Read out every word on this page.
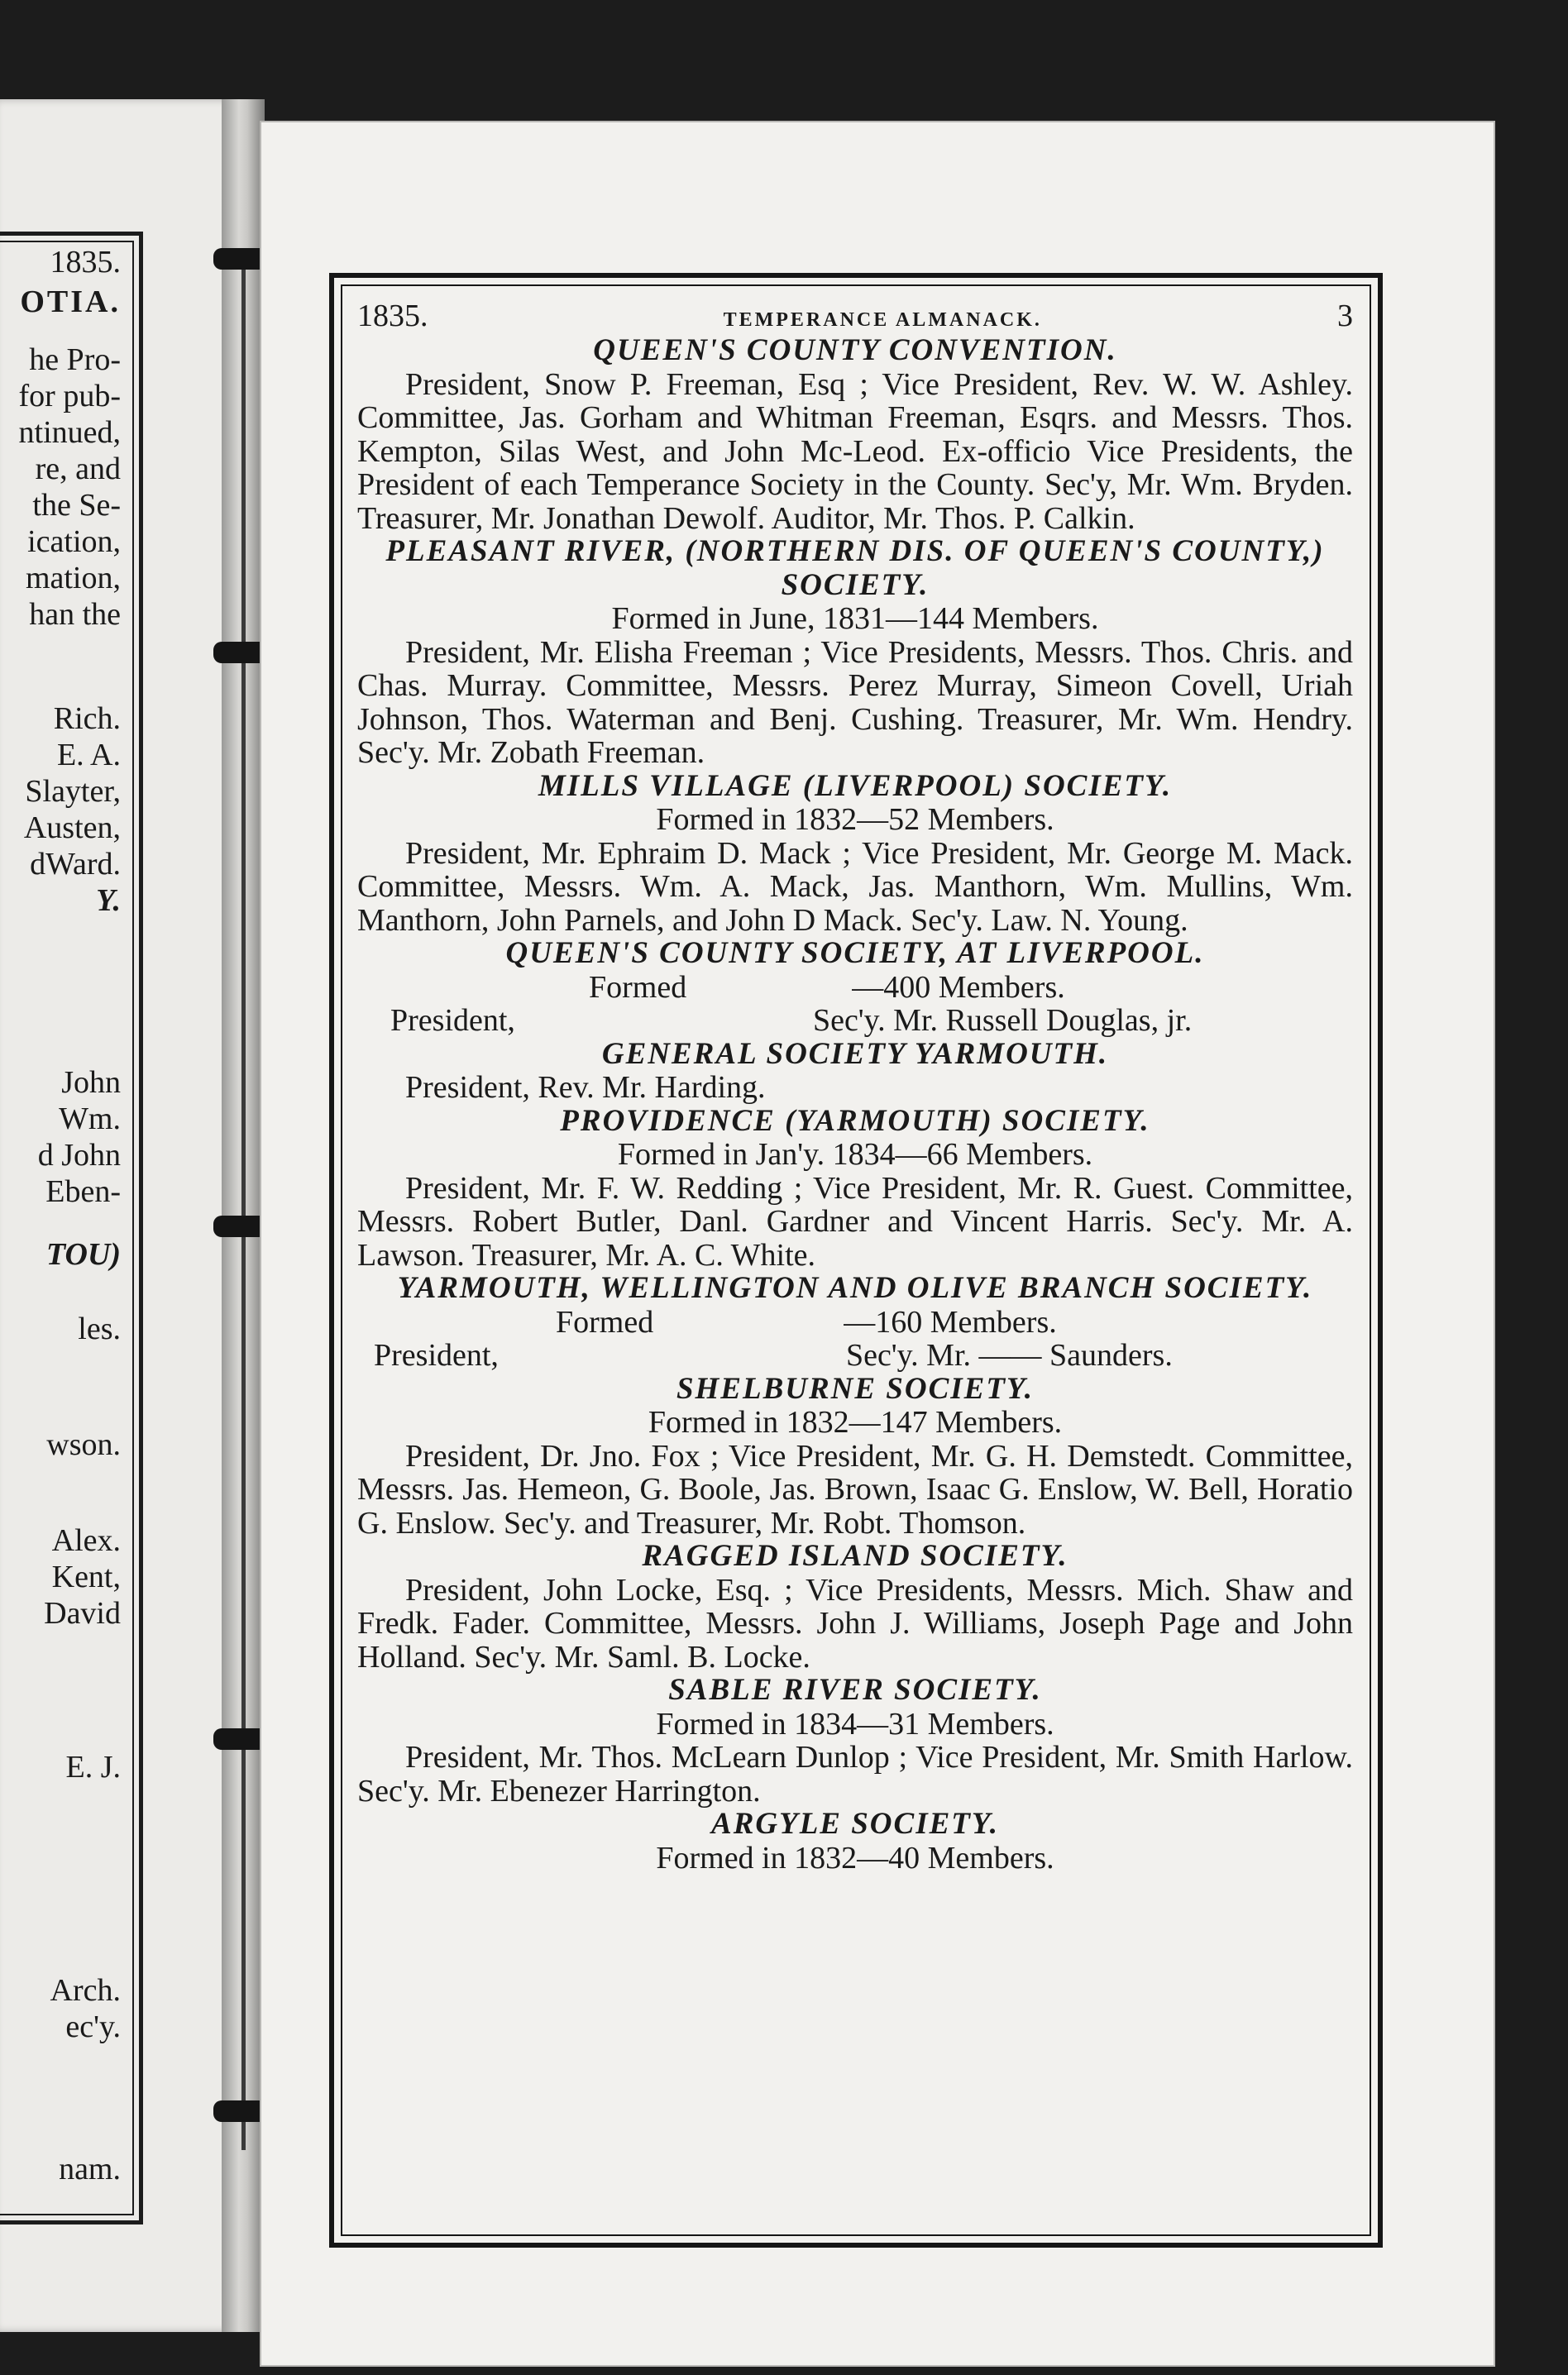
1835.
OTIA.
he Pro-
for pub-
ntinued,
re, and
the Se-
ication,
mation,
han the
Rich.
E. A.
Slayter,
Austen,
dWard.
Y.
John
Wm.
d John
Eben-
TOU)
les.
wson.
Alex.
Kent,
David
E. J.
Arch.
ec'y.
nam.
1835.	TEMPERANCE ALMANACK.	3
QUEEN'S COUNTY CONVENTION.
President, Snow P. Freeman, Esq ; Vice President, Rev. W. W. Ashley. Committee, Jas. Gorham and Whitman Freeman, Esqrs. and Messrs. Thos. Kempton, Silas West, and John Mc-Leod. Ex-officio Vice Presidents, the President of each Temperance Society in the County. Sec'y, Mr. Wm. Bryden. Treasurer, Mr. Jonathan Dewolf. Auditor, Mr. Thos. P. Calkin.
PLEASANT RIVER, (NORTHERN DIS. OF QUEEN'S COUNTY,) SOCIETY.
Formed in June, 1831—144 Members.
President, Mr. Elisha Freeman ; Vice Presidents, Messrs. Thos. Chris. and Chas. Murray. Committee, Messrs. Perez Murray, Simeon Covell, Uriah Johnson, Thos. Waterman and Benj. Cushing. Treasurer, Mr. Wm. Hendry. Sec'y. Mr. Zobath Freeman.
MILLS VILLAGE (LIVERPOOL) SOCIETY.
Formed in 1832—52 Members.
President, Mr. Ephraim D. Mack ; Vice President, Mr. George M. Mack. Committee, Messrs. Wm. A. Mack, Jas. Manthorn, Wm. Mullins, Wm. Manthorn, John Parnels, and John D Mack. Sec'y. Law. N. Young.
QUEEN'S COUNTY SOCIETY, AT LIVERPOOL.
Formed	—400 Members.
President,	Sec'y. Mr. Russell Douglas, jr.
GENERAL SOCIETY YARMOUTH.
President, Rev. Mr. Harding.
PROVIDENCE (YARMOUTH) SOCIETY.
Formed in Jan'y. 1834—66 Members.
President, Mr. F. W. Redding ; Vice President, Mr. R. Guest. Committee, Messrs. Robert Butler, Danl. Gardner and Vincent Harris. Sec'y. Mr. A. Lawson. Treasurer, Mr. A. C. White.
YARMOUTH, WELLINGTON AND OLIVE BRANCH SOCIETY.
Formed	—160 Members.
President,	Sec'y. Mr. —— Saunders.
SHELBURNE SOCIETY.
Formed in 1832—147 Members.
President, Dr. Jno. Fox ; Vice President, Mr. G. H. Demstedt. Committee, Messrs. Jas. Hemeon, G. Boole, Jas. Brown, Isaac G. Enslow, W. Bell, Horatio G. Enslow. Sec'y. and Treasurer, Mr. Robt. Thomson.
RAGGED ISLAND SOCIETY.
President, John Locke, Esq. ; Vice Presidents, Messrs. Mich. Shaw and Fredk. Fader. Committee, Messrs. John J. Williams, Joseph Page and John Holland. Sec'y. Mr. Saml. B. Locke.
SABLE RIVER SOCIETY.
Formed in 1834—31 Members.
President, Mr. Thos. McLearn Dunlop ; Vice President, Mr. Smith Harlow. Sec'y. Mr. Ebenezer Harrington.
ARGYLE SOCIETY.
Formed in 1832—40 Members.
